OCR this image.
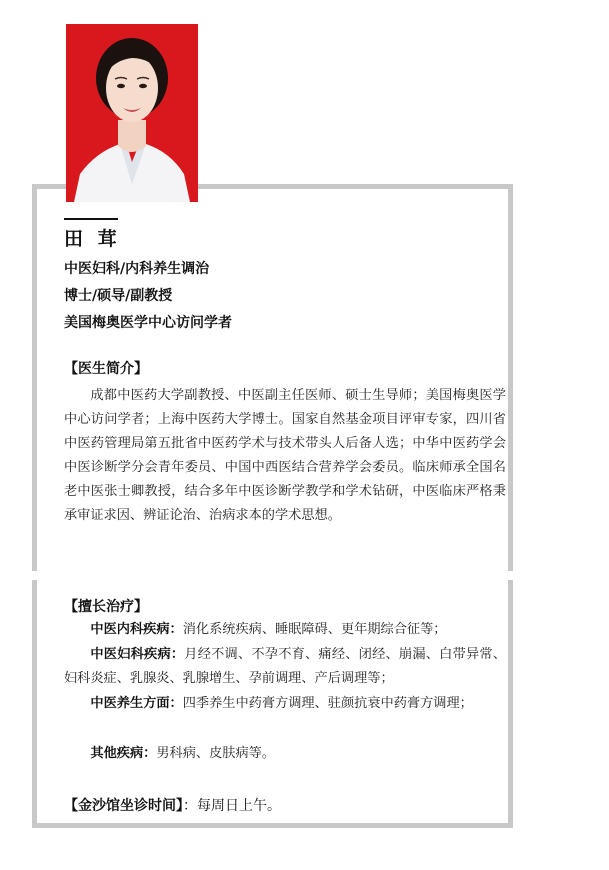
田 茸
中医妇科/内科养生调治
博士/硕导/副教授
美国梅奥医学中心访问学者
【医生简介】
成都中医药大学副教授、中医副主任医师、硕士生导师；美国梅奥医学中心访问学者；上海中医药大学博士。国家自然基金项目评审专家，四川省中医药管理局第五批省中医药学术与技术带头人后备人选；中华中医药学会中医诊断学分会青年委员、中国中西医结合营养学会委员。临床师承全国名老中医张士卿教授，结合多年中医诊断学教学和学术钻研，中医临床严格秉承审证求因、辨证论治、治病求本的学术思想。
【擅长治疗】
中医内科疾病：消化系统疾病、睡眠障碍、更年期综合征等；
中医妇科疾病：月经不调、不孕不育、痛经、闭经、崩漏、白带异常、妇科炎症、乳腺炎、乳腺增生、孕前调理、产后调理等；
中医养生方面：四季养生中药膏方调理、驻颜抗衰中药膏方调理；
其他疾病：男科病、皮肤病等。
【金沙馆坐诊时间】：每周日上午。
